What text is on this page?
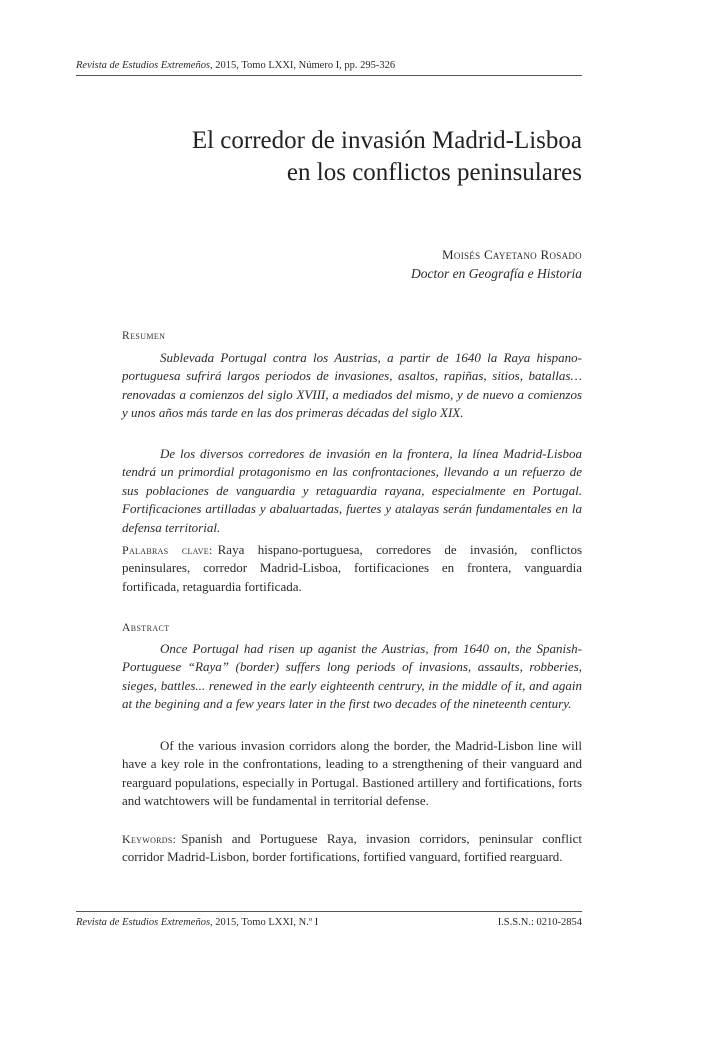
Revista de Estudios Extremeños, 2015, Tomo LXXI, Número I, pp. 295-326
El corredor de invasión Madrid-Lisboa
en los conflictos peninsulares
Moisés Cayetano Rosado
Doctor en Geografía e Historia
Resumen

Sublevada Portugal contra los Austrias, a partir de 1640 la Raya hispano-portuguesa sufrirá largos periodos de invasiones, asaltos, rapiñas, sitios, batallas… renovadas a comienzos del siglo XVIII, a mediados del mismo, y de nuevo a comienzos y unos años más tarde en las dos primeras décadas del siglo XIX.

De los diversos corredores de invasión en la frontera, la línea Madrid-Lisboa tendrá un primordial protagonismo en las confrontaciones, llevando a un refuerzo de sus poblaciones de vanguardia y retaguardia rayana, especialmente en Portugal. Fortificaciones artilladas y abaluartadas, fuertes y atalayas serán fundamentales en la defensa territorial.

Palabras clave: Raya hispano-portuguesa, corredores de invasión, conflictos peninsulares, corredor Madrid-Lisboa, fortificaciones en frontera, vanguardia fortificada, retaguardia fortificada.

Abstract

Once Portugal had risen up aganist the Austrias, from 1640 on, the Spanish-Portuguese “Raya” (border) suffers long periods of invasions, assaults, robberies, sieges, battles... renewed in the early eighteenth centrury, in the middle of it, and again at the begining and a few years later in the first two decades of the nineteenth century.

Of the various invasion corridors along the border, the Madrid-Lisbon line will have a key role in the confrontations, leading to a strengthening of their vanguard and rearguard populations, especially in Portugal. Bastioned artillery and fortifications, forts and watchtowers will be fundamental in territorial defense.

Keywords: Spanish and Portuguese Raya, invasion corridors, peninsular conflict corridor Madrid-Lisbon, border fortifications, fortified vanguard, fortified rearguard.

Revista de Estudios Extremeños, 2015, Tomo LXXI, N.º I	I.S.S.N.: 0210-2854
